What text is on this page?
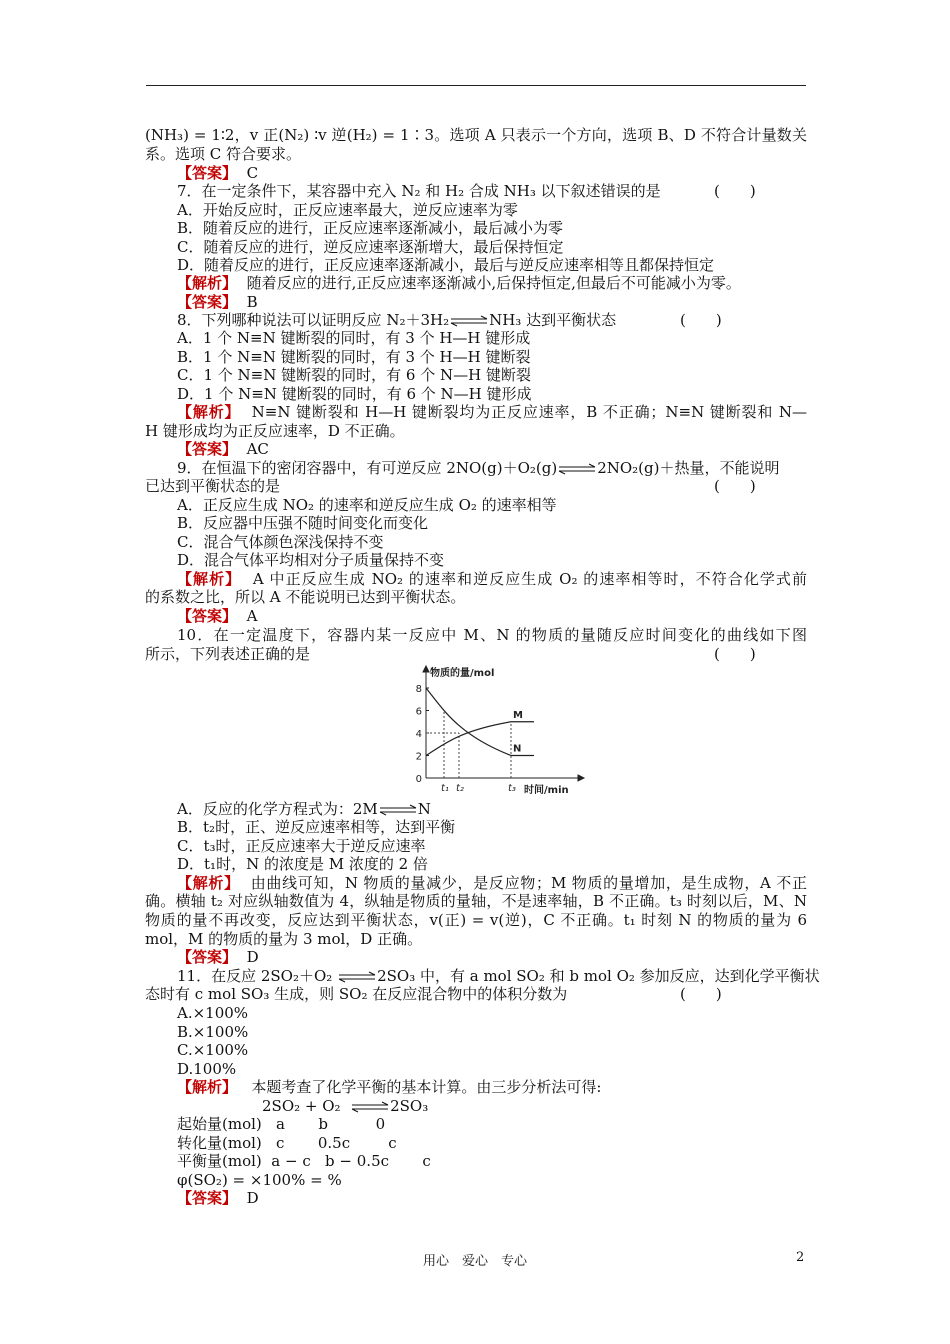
(NH₃) = 1∶2，v 正(N₂) ∶v 逆(H₂) = 1∶3。选项 A 只表示一个方向，选项 B、D 不符合计量数关
系。选项 C 符合要求。
【答案】 C
7．在一定条件下，某容器中充入 N₂ 和 H₂ 合成 NH₃ 以下叙述错误的是	(　　)
A．开始反应时，正反应速率最大，逆反应速率为零
B．随着反应的进行，正反应速率逐渐减小，最后减小为零
C．随着反应的进行，逆反应速率逐渐增大，最后保持恒定
D．随着反应的进行，正反应速率逐渐减小，最后与逆反应速率相等且都保持恒定
【解析】 随着反应的进行,正反应速率逐渐减小,后保持恒定,但最后不可能减小为零。
【答案】 B
8．下列哪种说法可以证明反应 N₂＋3H₂⇌NH₃ 达到平衡状态	(　　)
A．1 个 N≡N 键断裂的同时，有 3 个 H—H 键形成
B．1 个 N≡N 键断裂的同时，有 3 个 H—H 键断裂
C．1 个 N≡N 键断裂的同时，有 6 个 N—H 键断裂
D．1 个 N≡N 键断裂的同时，有 6 个 N—H 键形成
【解析】 N≡N 键断裂和 H—H 键断裂均为正反应速率，B 不正确；N≡N 键断裂和 N—
H 键形成均为正反应速率，D 不正确。
【答案】 AC
9．在恒温下的密闭容器中，有可逆反应 2NO(g)＋O₂(g)⇌2NO₂(g)＋热量，不能说明
已达到平衡状态的是	(　　)
A．正反应生成 NO₂ 的速率和逆反应生成 O₂ 的速率相等
B．反应器中压强不随时间变化而变化
C．混合气体颜色深浅保持不变
D．混合气体平均相对分子质量保持不变
【解析】 A 中正反应生成 NO₂ 的速率和逆反应生成 O₂ 的速率相等时，不符合化学式前
的系数之比，所以 A 不能说明已达到平衡状态。
【答案】 A
10．在一定温度下，容器内某一反应中 M、N 的物质的量随反应时间变化的曲线如下图
所示，下列表述正确的是	(　　)
0
2
4
6
8
物质的量/mol
时间/min
t₁ t₂	t₃
M
N
A．反应的化学方程式为：2M⇌N
B．t₂时，正、逆反应速率相等，达到平衡
C．t₃时，正反应速率大于逆反应速率
D．t₁时，N 的浓度是 M 浓度的 2 倍
【解析】 由曲线可知，N 物质的量减少，是反应物；M 物质的量增加，是生成物，A 不正
确。横轴 t₂ 对应纵轴数值为 4，纵轴是物质的量轴，不是速率轴，B 不正确。t₃ 时刻以后，M、N
物质的量不再改变，反应达到平衡状态，v(正) = v(逆)，C 不正确。t₁ 时刻 N 的物质的量为 6
mol，M 的物质的量为 3 mol，D 正确。
【答案】 D
11．在反应 2SO₂＋O₂ ⇌2SO₃ 中，有 a mol SO₂ 和 b mol O₂ 参加反应，达到化学平衡状
态时有 c mol SO₃ 生成，则 SO₂ 在反应混合物中的体积分数为	(　　)
A.×100%
B.×100%
C.×100%
D.100%
【解析】 本题考查了化学平衡的基本计算。由三步分析法可得:
2SO₂ + O₂ ⇌2SO₃
起始量(mol)   a       b          0
转化量(mol)   c       0.5c        c
平衡量(mol)  a − c   b − 0.5c       c
φ(SO₂) = ×100% = %
【答案】 D
用心　爱心　专心	2
